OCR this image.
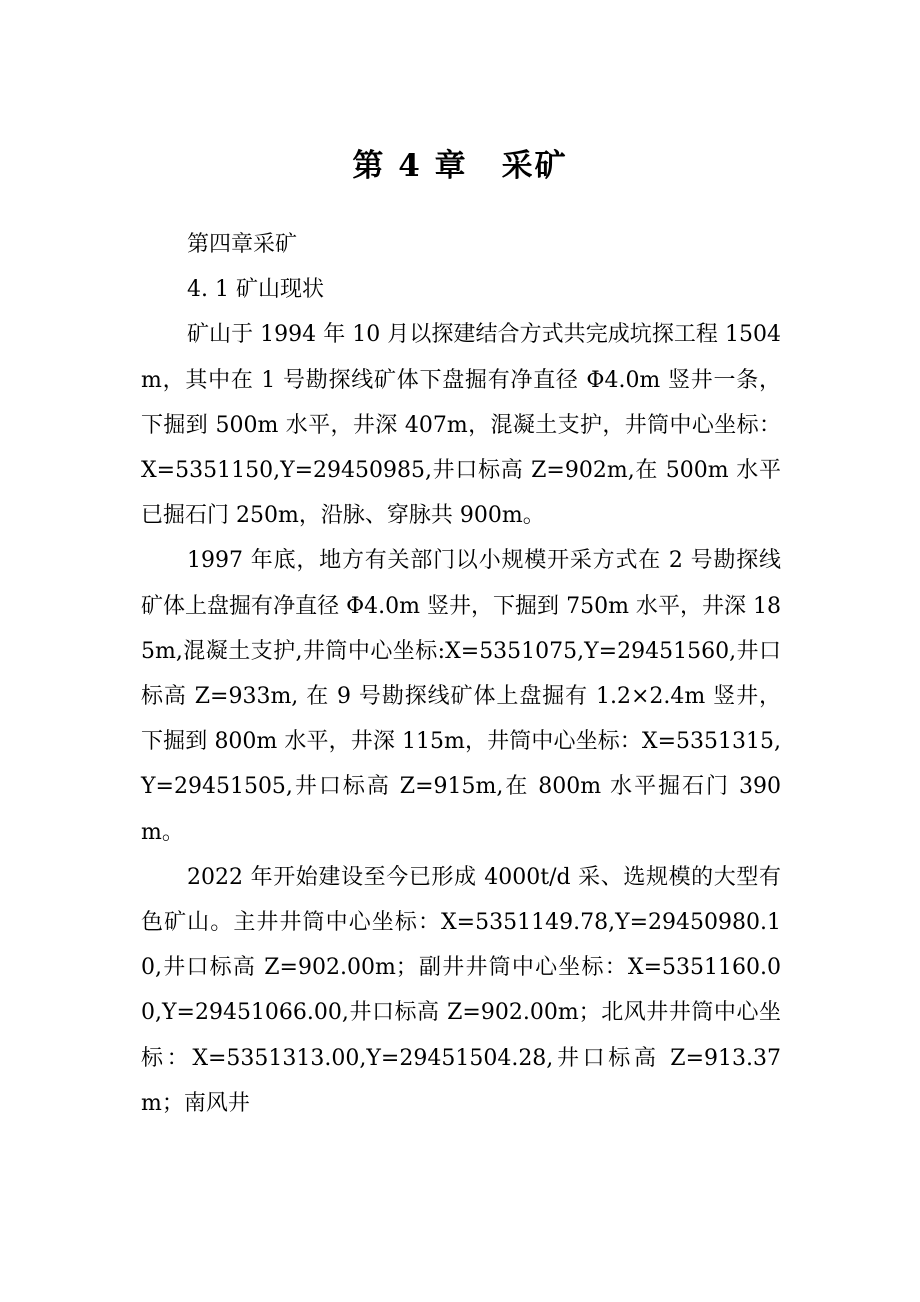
第 4 章 采矿

第四章采矿

4. 1 矿山现状

矿山于 1994 年 10 月以探建结合方式共完成坑探工程 1504m，其中在 1 号勘探线矿体下盘掘有净直径 Φ4.0m 竖井一条，下掘到 500m 水平，井深 407m，混凝土支护，井筒中心坐标：X=5351150,Y=29450985,井口标高 Z=902m,在 500m 水平已掘石门 250m，沿脉、穿脉共 900m。

1997 年底，地方有关部门以小规模开采方式在 2 号勘探线矿体上盘掘有净直径 Φ4.0m 竖井，下掘到 750m 水平，井深 185m,混凝土支护,井筒中心坐标:X=5351075,Y=29451560,井口标高 Z=933m, 在 9 号勘探线矿体上盘掘有 1.2×2.4m 竖井，下掘到 800m 水平，井深 115m，井筒中心坐标：X=5351315,Y=29451505,井口标高 Z=915m,在 800m 水平掘石门 390m。

2022 年开始建设至今已形成 4000t/d 采、选规模的大型有色矿山。主井井筒中心坐标：X=5351149.78,Y=29450980.10,井口标高 Z=902.00m；副井井筒中心坐标：X=5351160.00,Y=29451066.00,井口标高 Z=902.00m；北风井井筒中心坐标：X=5351313.00,Y=29451504.28,井口标高 Z=913.37m；南风井
